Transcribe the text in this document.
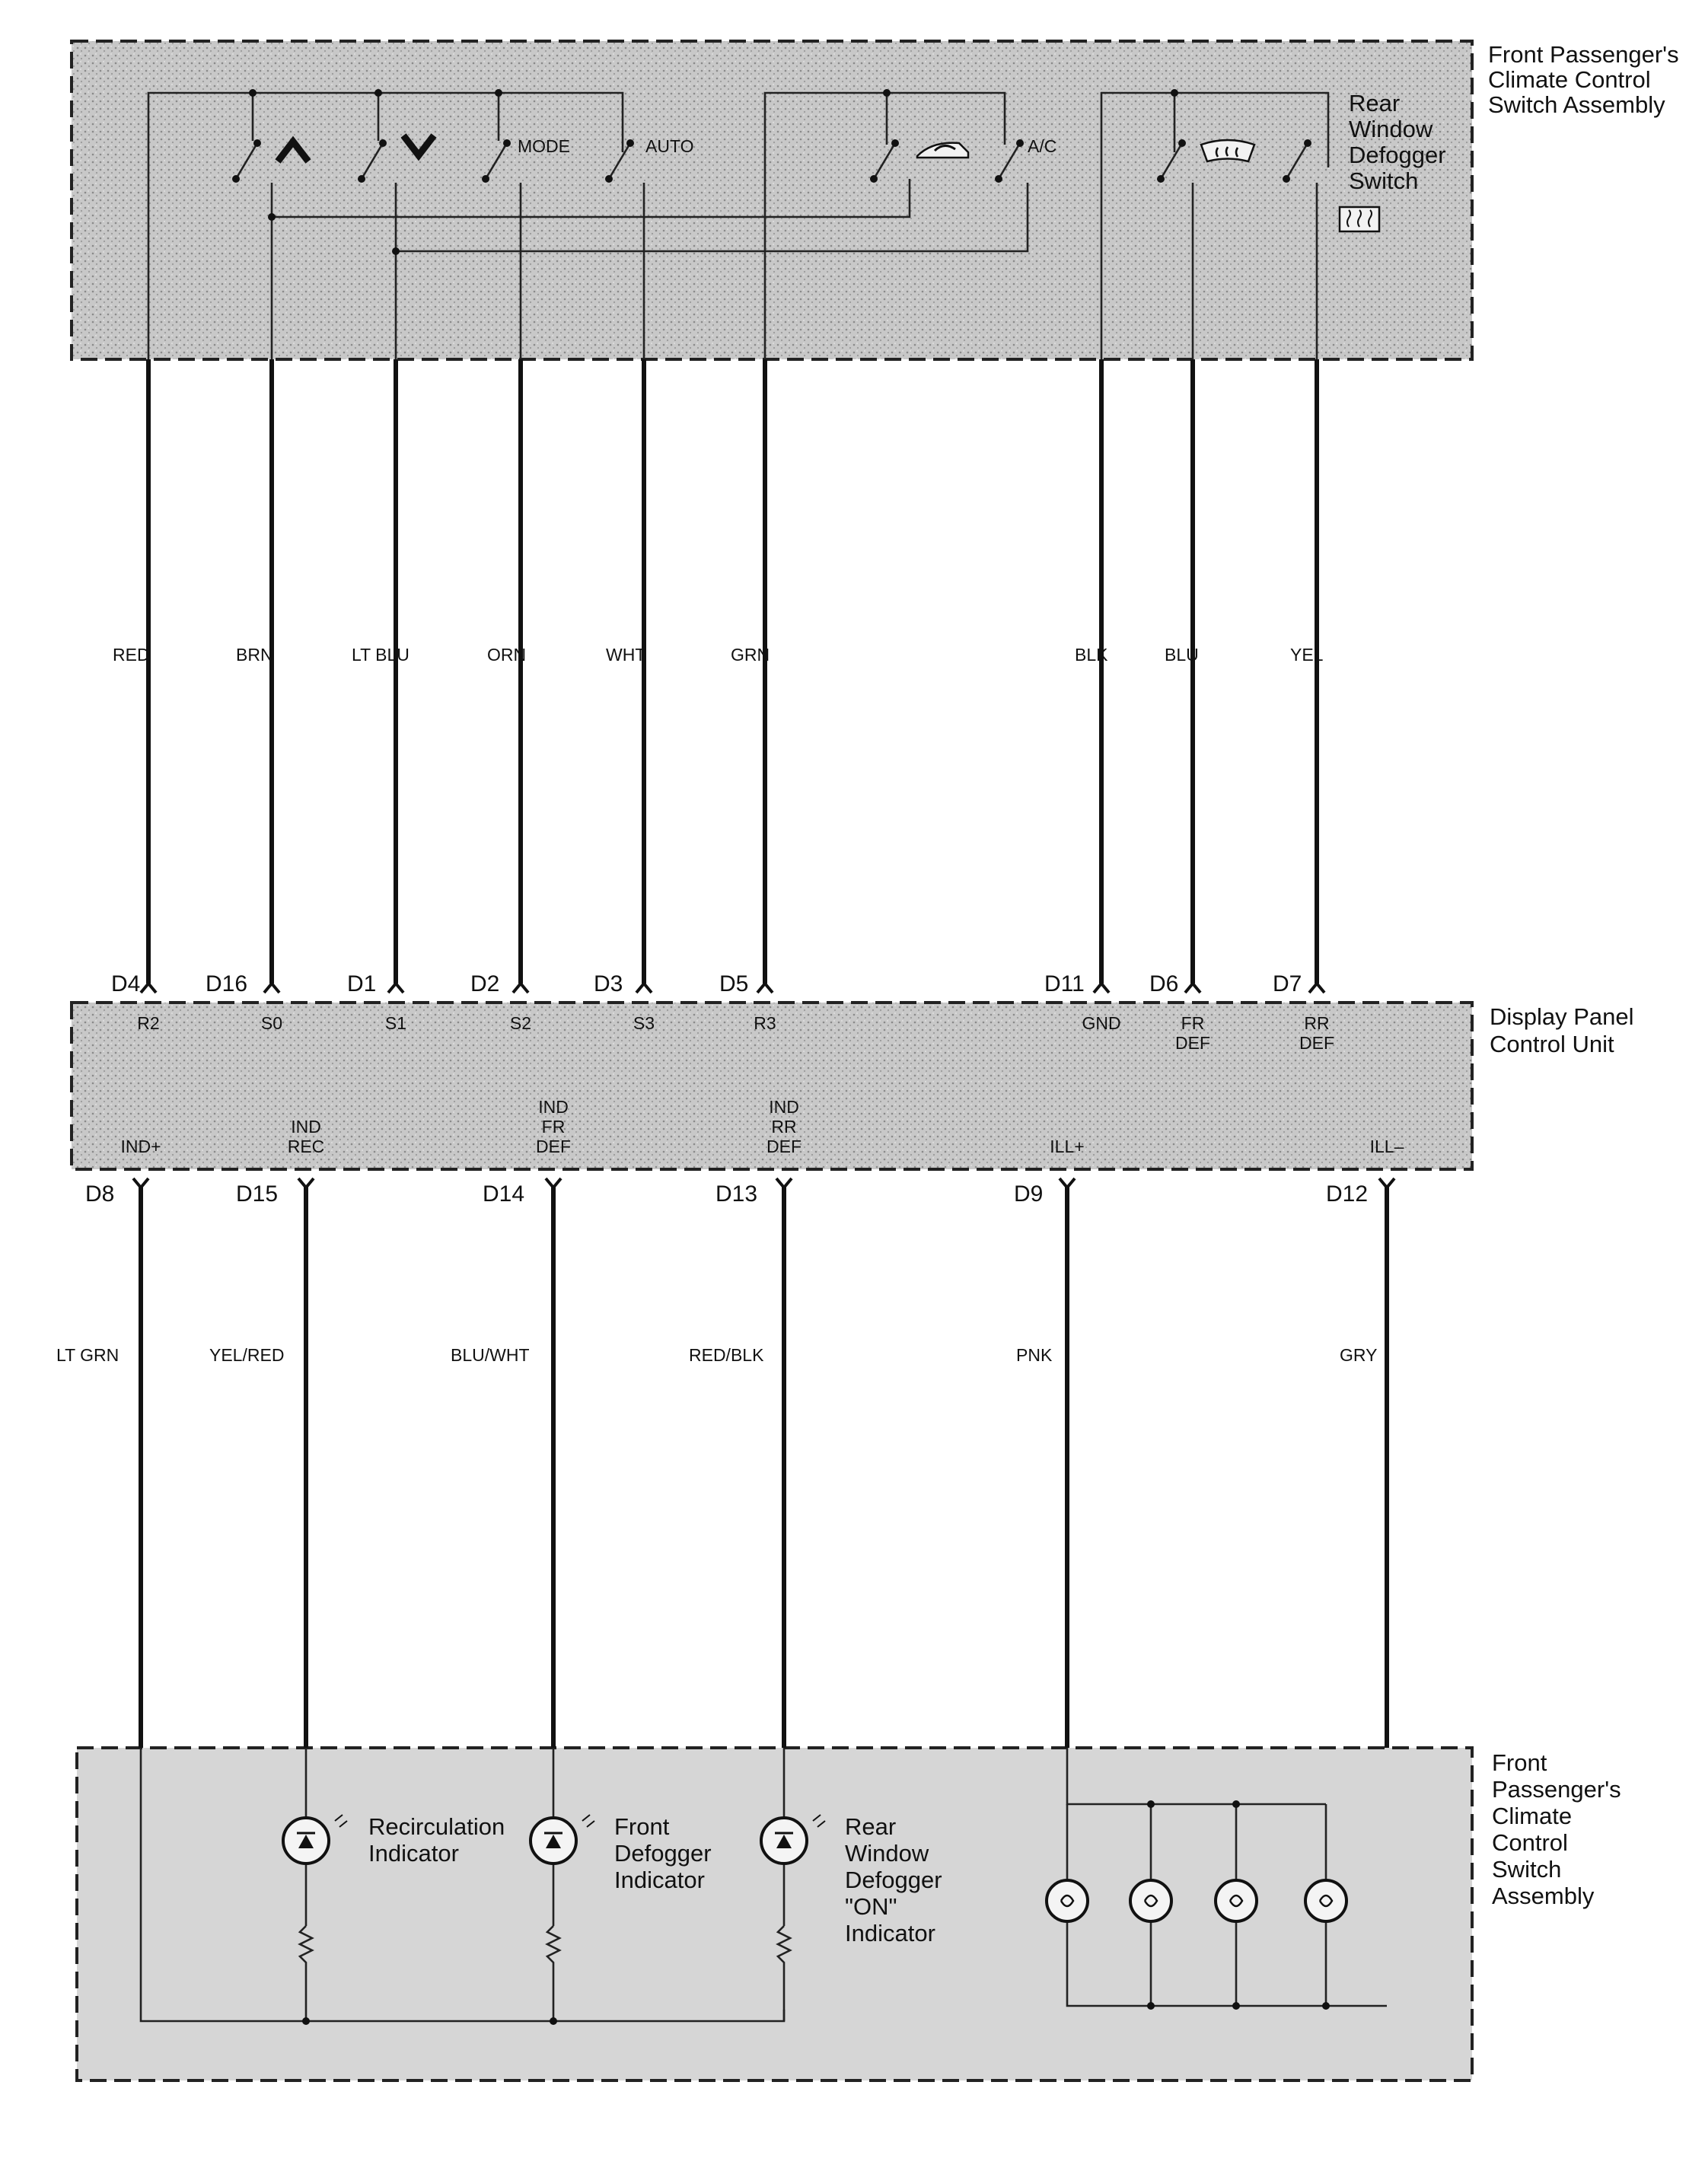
Front Passenger's
Climate Control
Switch Assembly
Rear
Window
Defogger
Switch
Display Panel
Control Unit
Front
Passenger's
Climate
Control
Switch
Assembly
MODE	AUTO	A/C
RED
D4
R2
BRN
D16
S0
LT BLU
D1
S1
ORN
D2
S2
WHT
D3
S3
GRN
D5
R3
BLK
D11
GND
BLU
D6
FR
DEF
YEL
D7
RR
DEF
LT GRN
D8
IND+
YEL/RED
D15
IND
REC
BLU/WHT
D14
IND
FR
DEF
RED/BLK
D13
IND
RR
DEF
PNK
D9
ILL+
GRY
D12
ILL–
Recirculation
Indicator
Front
Defogger
Indicator
Rear
Window
Defogger
"ON"
Indicator
